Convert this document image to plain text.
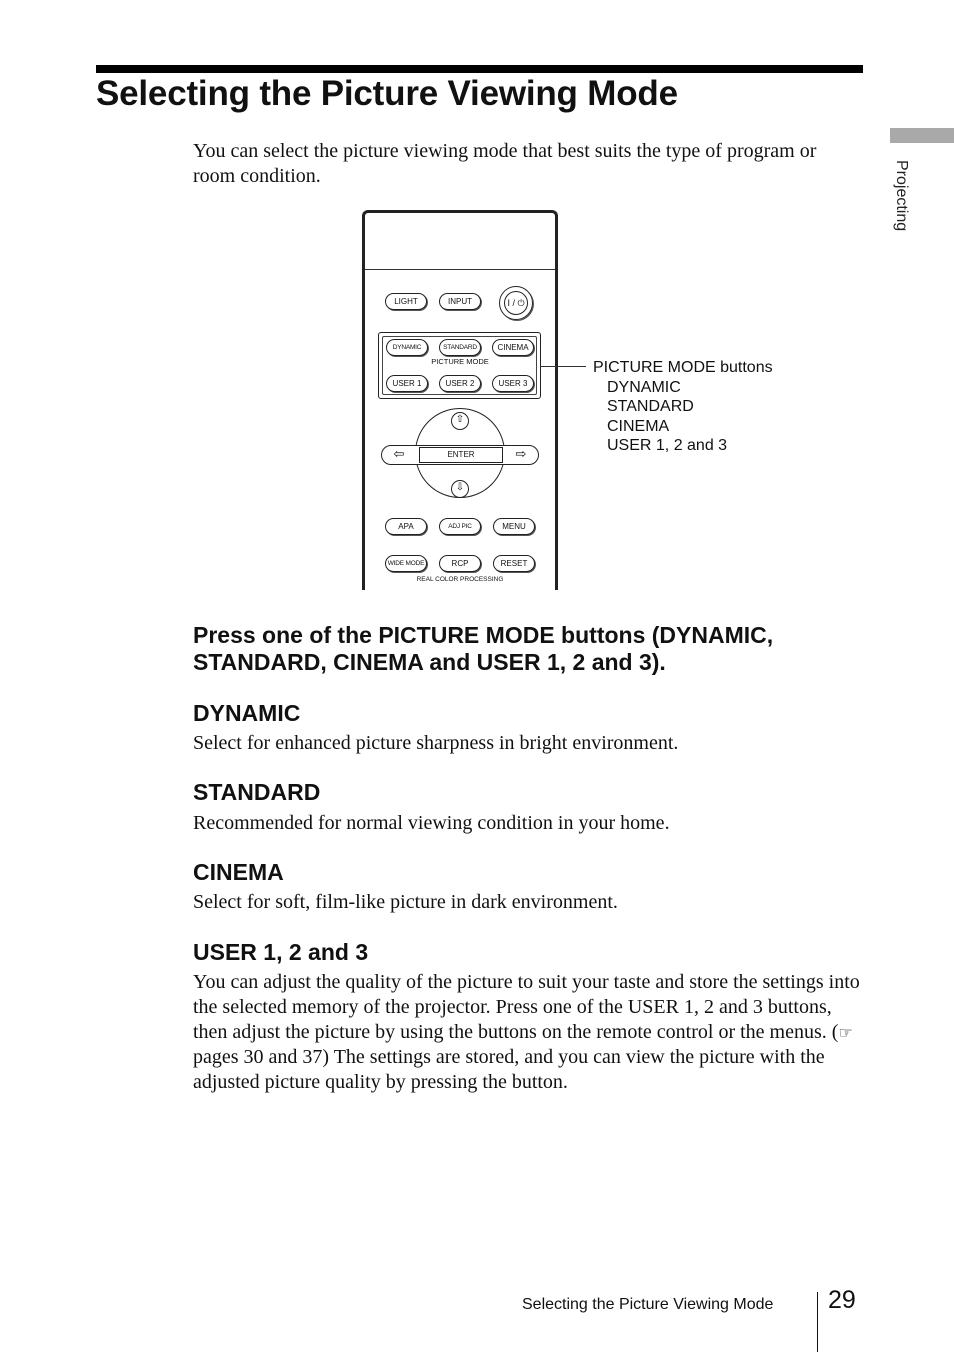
Selecting the Picture Viewing Mode
Projecting

You can select the picture viewing mode that best suits the type of program or room condition.

LIGHT	INPUT	I / ⏻
DYNAMIC	STANDARD	CINEMA
PICTURE MODE
USER 1	USER 2	USER 3
⇧
⇩
⇦	⇨
ENTER
APA	ADJ PIC	MENU
WIDE MODE	RCP	RESET
REAL COLOR PROCESSING
PICTURE MODE buttons
DYNAMIC
STANDARD
CINEMA
USER 1, 2 and 3
Press one of the PICTURE MODE buttons (DYNAMIC, STANDARD, CINEMA and USER 1, 2 and 3).
DYNAMIC

Select for enhanced picture sharpness in bright environment.

STANDARD

Recommended for normal viewing condition in your home.

CINEMA

Select for soft, film-like picture in dark environment.

USER 1, 2 and 3

You can adjust the quality of the picture to suit your taste and store the settings into the selected memory of the projector. Press one of the USER 1, 2 and 3 buttons, then adjust the picture by using the buttons on the remote control or the menus. (☞ pages 30 and 37) The settings are stored, and you can view the picture with the adjusted picture quality by pressing the button.

Selecting the Picture Viewing Mode 29
